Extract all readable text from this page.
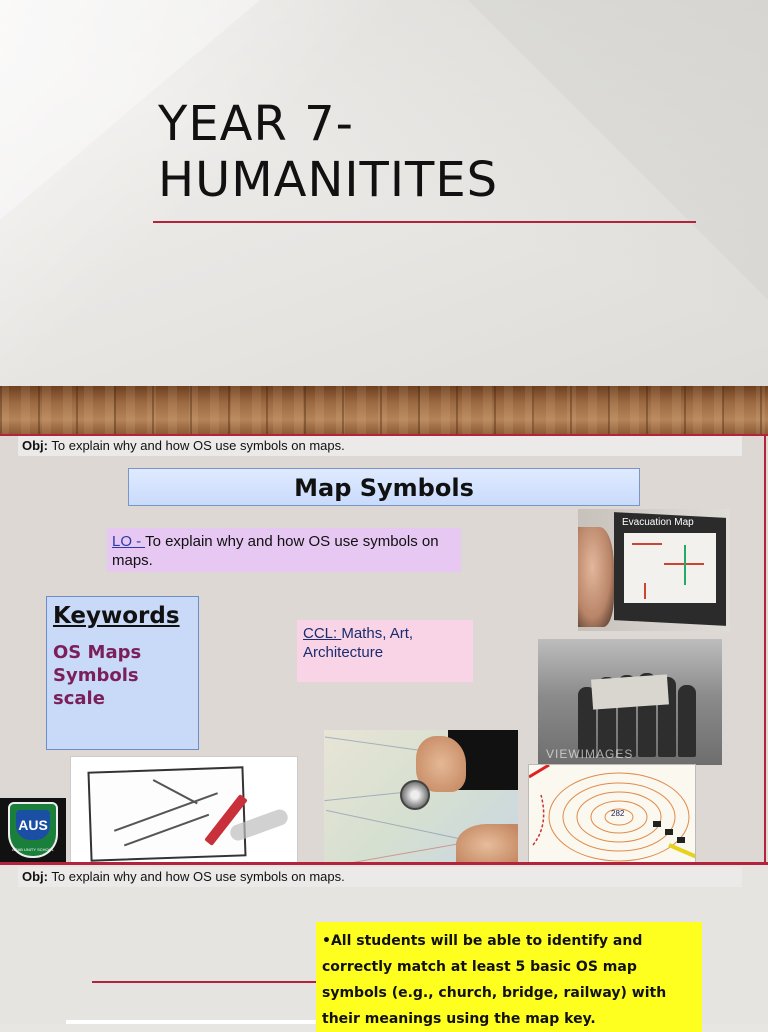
YEAR 7-
HUMANITITES
Obj: To explain why and how OS use symbols on maps.
Map Symbols
LO - To explain why and how OS use symbols on maps.
Keywords
OS Maps
Symbols
scale
CCL: Maths, Art, Architecture
Evacuation Map
VIEWIMAGES
282
AUS
ARAB UNITY SCHOOL
Obj: To explain why and how OS use symbols on maps.
•All students will be able to identify and correctly match at least 5 basic OS map symbols (e.g., church, bridge, railway) with their meanings using the map key.
